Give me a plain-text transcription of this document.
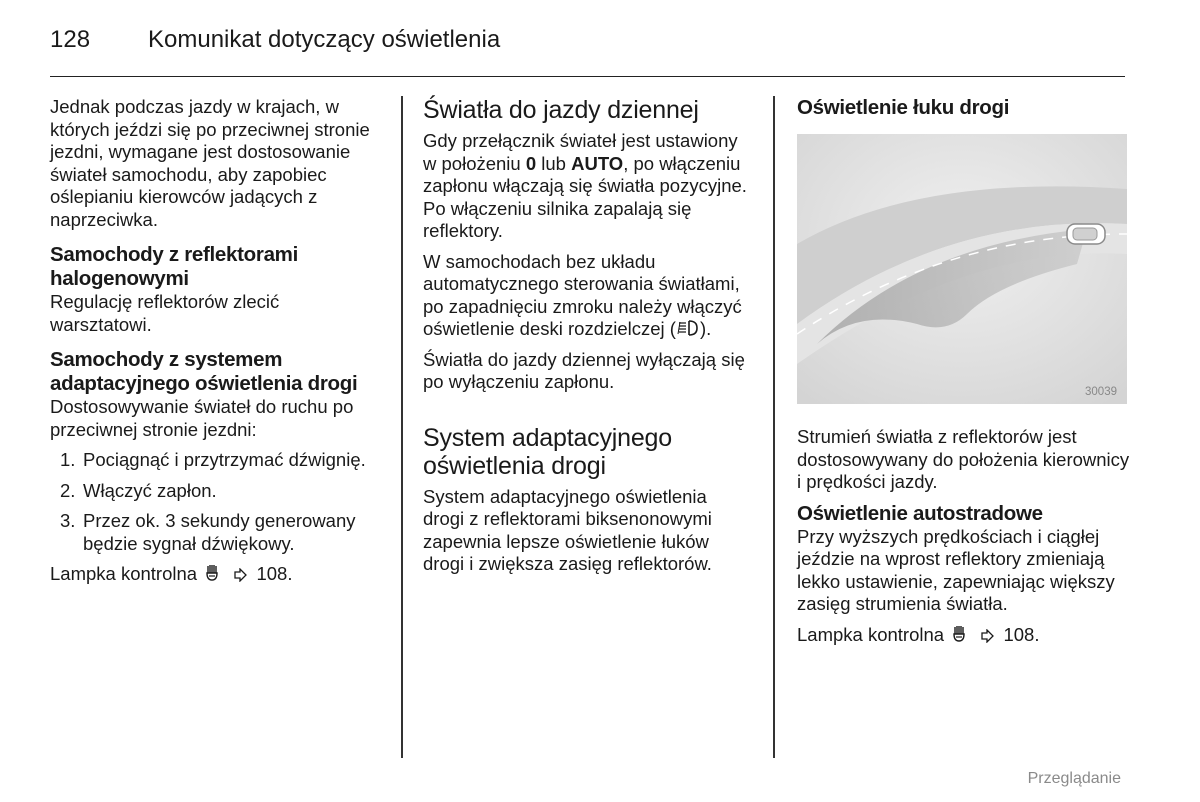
128 Komunikat dotyczący oświetlenia

Jednak podczas jazdy w krajach, w których jeździ się po przeciwnej stronie jezdni, wymagane jest dostosowanie świateł samochodu, aby zapobiec oślepianiu kierowców jadących z naprzeciwka.

Samochody z reflektorami halogenowymi

Regulację reflektorów zlecić warsztatowi.

Samochody z systemem adaptacyjnego oświetlenia drogi

Dostosowywanie świateł do ruchu po przeciwnej stronie jezdni:

1. Pociągnąć i przytrzymać dźwignię.
2. Włączyć zapłon.
3. Przez ok. 3 sekundy generowany będzie sygnał dźwiękowy.

Lampka kontrolna	108.

Światła do jazdy dziennej

Gdy przełącznik świateł jest ustawiony w położeniu 0 lub AUTO, po włączeniu zapłonu włączają się światła pozycyjne. Po włączeniu silnika zapalają się reflektory.

W samochodach bez układu automatycznego sterowania światłami, po zapadnięciu zmroku należy włączyć oświetlenie deski rozdzielczej ( ).

Światła do jazdy dziennej wyłączają się po wyłączeniu zapłonu.

System adaptacyjnego oświetlenia drogi

System adaptacyjnego oświetlenia drogi z reflektorami biksenonowymi zapewnia lepsze oświetlenie łuków drogi i zwiększa zasięg reflektorów.

Oświetlenie łuku drogi
30039

Strumień światła z reflektorów jest dostosowywany do położenia kierownicy i prędkości jazdy.

Oświetlenie autostradowe

Przy wyższych prędkościach i ciągłej jeździe na wprost reflektory zmieniają lekko ustawienie, zapewniając większy zasięg strumienia światła.

Lampka kontrolna	108.

Przeglądanie
